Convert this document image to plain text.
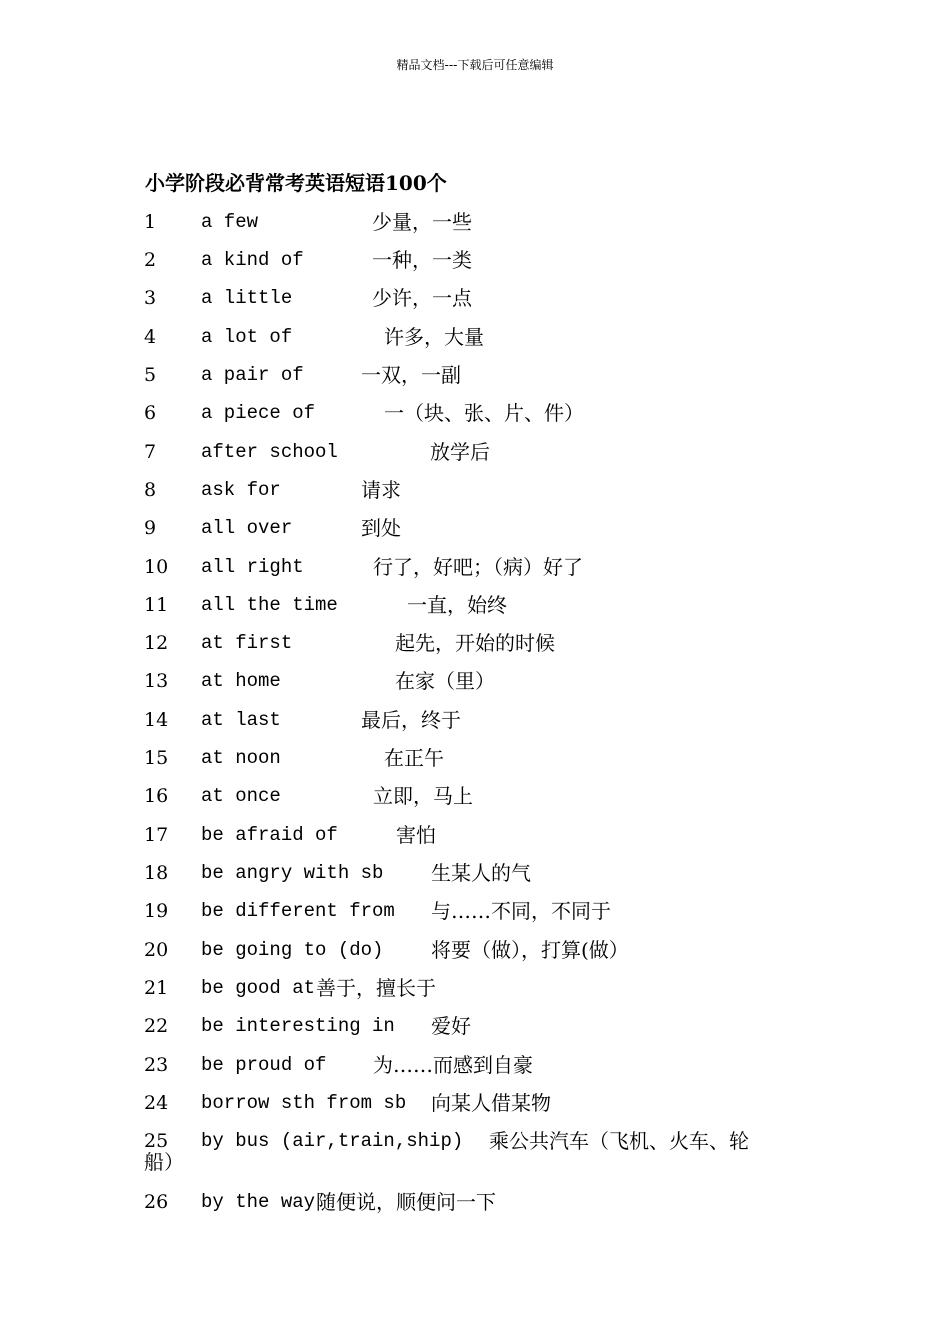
精品文档---下载后可任意编辑
小学阶段必背常考英语短语100个
1 a few	少量，一些
2 a kind of	一种，一类
3 a little	少许，一点
4 a lot of	许多，大量
5 a pair of	一双，一副
6 a piece of	一（块、张、片、件）
7 after school	放学后
8 ask for	请求
9 all over	到处
10 all right	行了，好吧；（病）好了
11 all the time	一直，始终
12 at first	起先，开始的时候
13 at home	在家（里）
14 at last	最后，终于
15 at noon	在正午
16 at once	立即，马上
17 be afraid of	害怕
18 be angry with sb 生某人的气
19 be different from 与……不同，不同于
20 be going to (do) 将要（做），打算(做）
21 be good at 善于，擅长于
22 be interesting in 爱好
23 be proud of 为……而感到自豪
24 borrow sth from sb 向某人借某物
25 by bus (air,train,ship) 乘公共汽车（飞机、火车、轮
船）
26 by the way 随便说，顺便问一下
